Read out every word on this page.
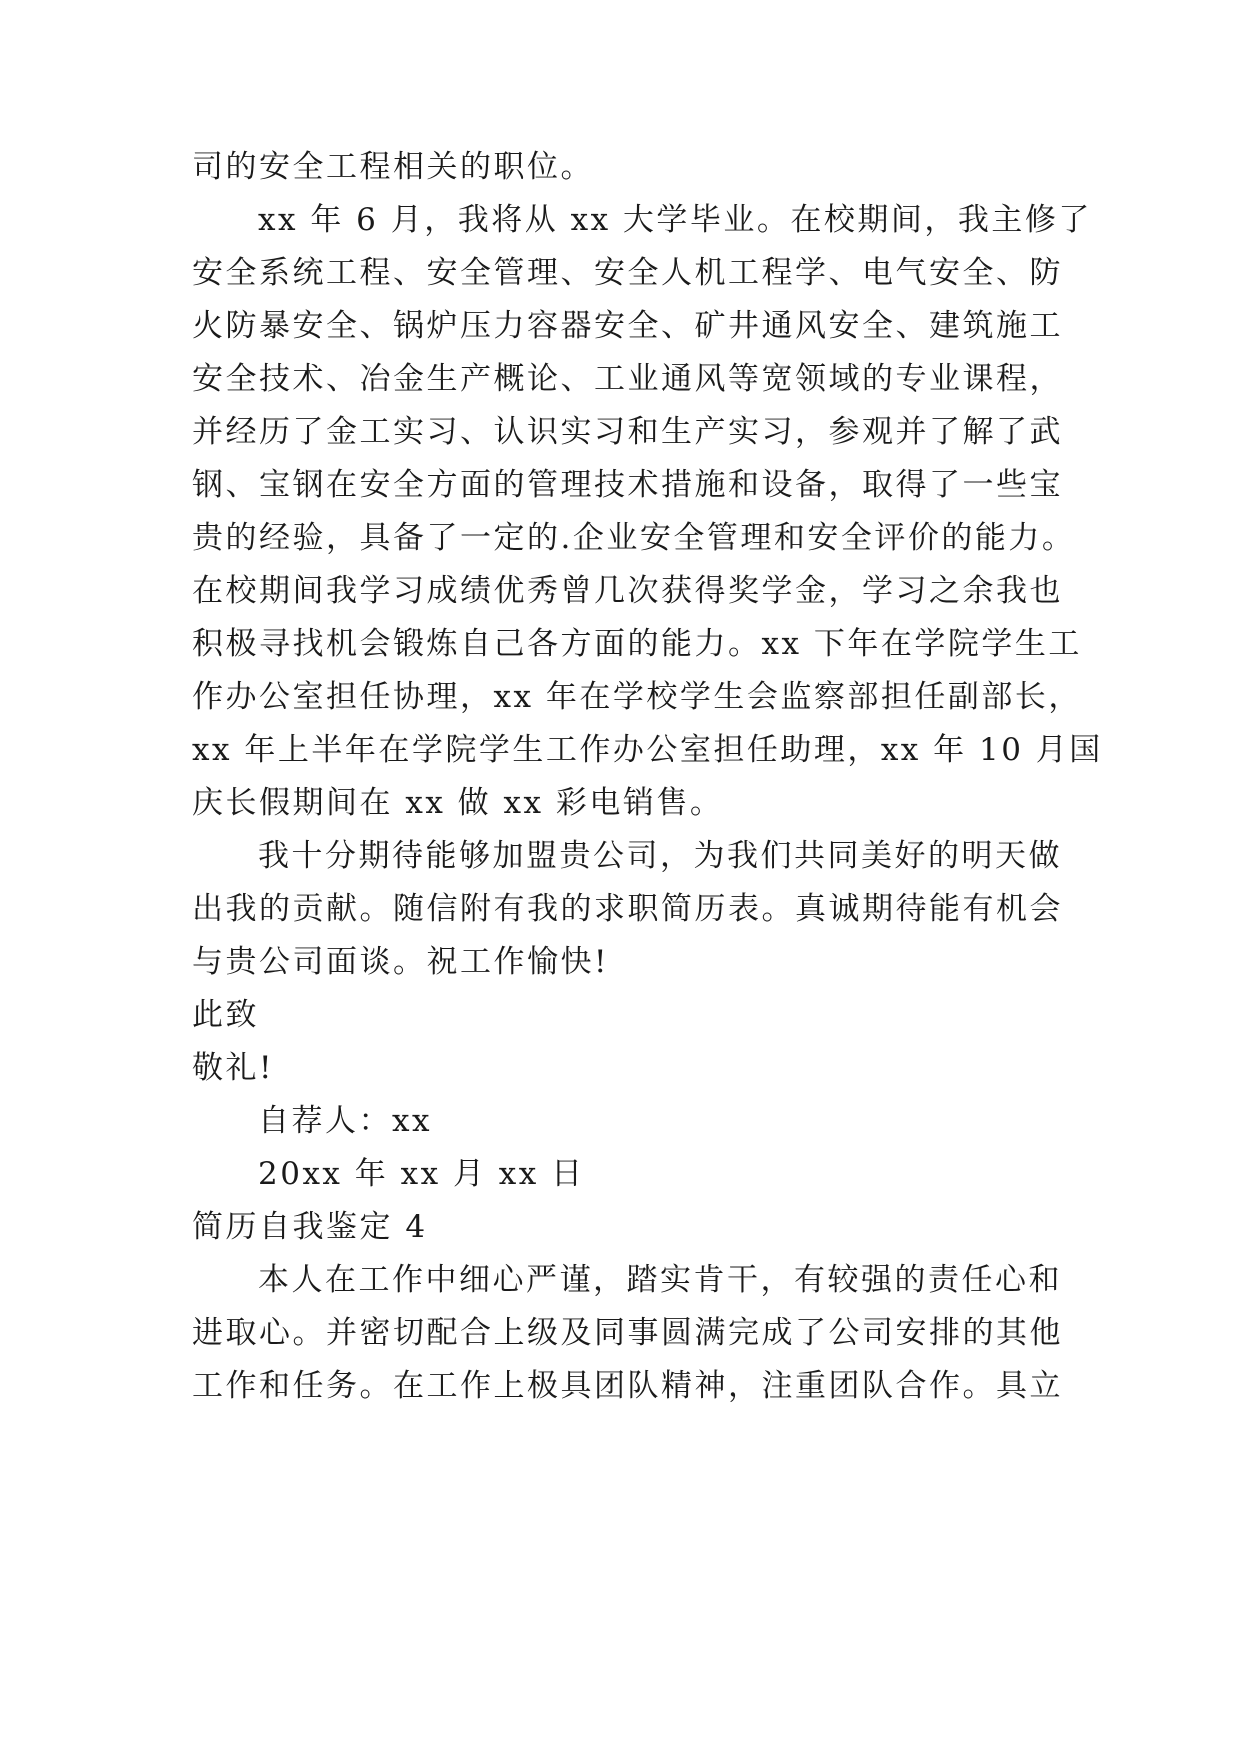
司的安全工程相关的职位。
xx 年 6 月，我将从 xx 大学毕业。在校期间，我主修了
安全系统工程、安全管理、安全人机工程学、电气安全、防
火防暴安全、锅炉压力容器安全、矿井通风安全、建筑施工
安全技术、冶金生产概论、工业通风等宽领域的专业课程，
并经历了金工实习、认识实习和生产实习，参观并了解了武
钢、宝钢在安全方面的管理技术措施和设备，取得了一些宝
贵的经验，具备了一定的.企业安全管理和安全评价的能力。
在校期间我学习成绩优秀曾几次获得奖学金，学习之余我也
积极寻找机会锻炼自己各方面的能力。xx 下年在学院学生工
作办公室担任协理，xx 年在学校学生会监察部担任副部长，
xx 年上半年在学院学生工作办公室担任助理，xx 年 10 月国
庆长假期间在 xx 做 xx 彩电销售。
我十分期待能够加盟贵公司，为我们共同美好的明天做
出我的贡献。随信附有我的求职简历表。真诚期待能有机会
与贵公司面谈。祝工作愉快!
此致
敬礼!
自荐人：xx
20xx 年 xx 月 xx 日
简历自我鉴定 4
本人在工作中细心严谨，踏实肯干，有较强的责任心和
进取心。并密切配合上级及同事圆满完成了公司安排的其他
工作和任务。在工作上极具团队精神，注重团队合作。具立
